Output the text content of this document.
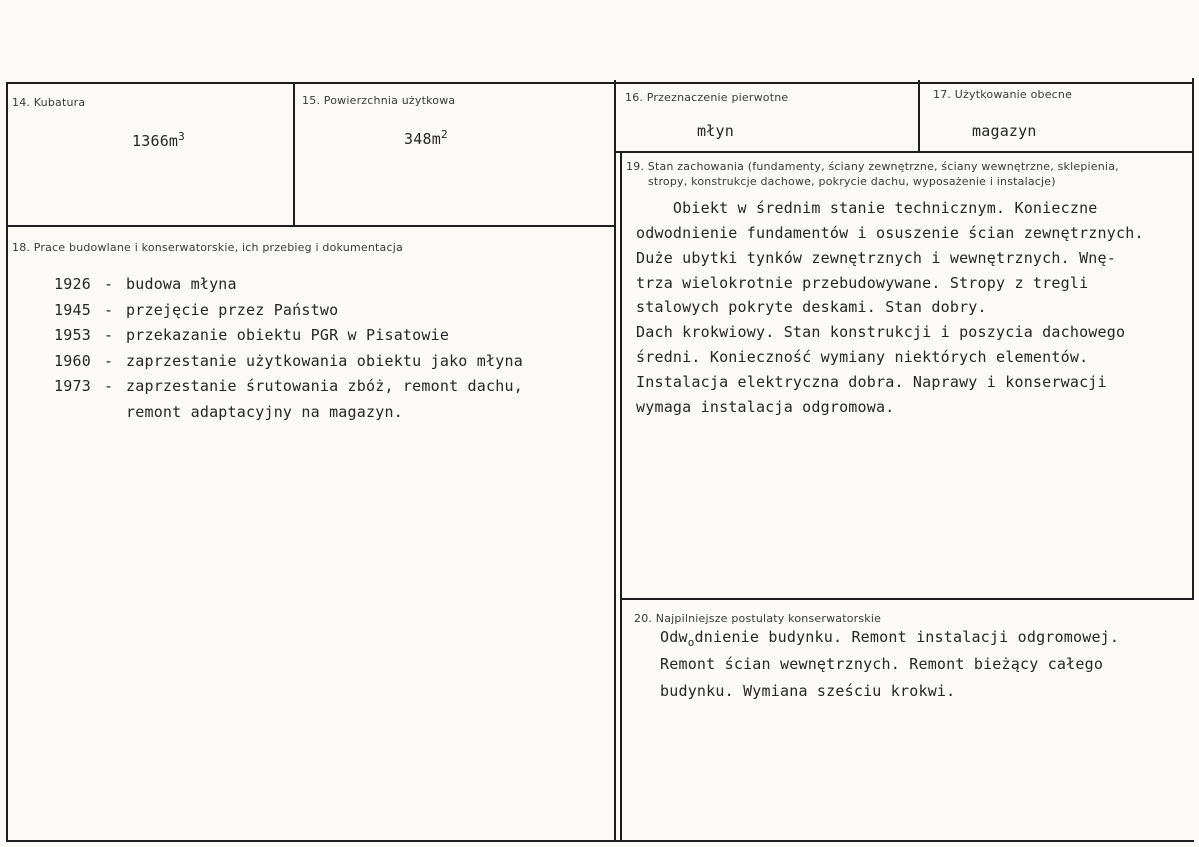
14. Kubatura
$1366m^3$
15. Powierzchnia użytkowa
$348m^2$
16. Przeznaczenie pierwotne
młyn
17. Użytkowanie obecne
magazyn
18. Prace budowlane i konserwatorskie, ich przebieg i dokumentacja
1926 - budowa młyna
1945 - przejęcie przez Państwo
1953 - przekazanie obiektu PGR w Pisatowie
1960 - zaprzestanie użytkowania obiektu jako młyna
1973 - zaprzestanie śrutowania zbóż, remont dachu,
remont adaptacyjny na magazyn.
19. Stan zachowania (fundamenty, ściany zewnętrzne, ściany wewnętrzne, sklepienia,
stropy, konstrukcje dachowe, pokrycie dachu, wyposażenie i instalacje)
Obiekt w średnim stanie technicznym. Konieczne
odwodnienie fundamentów i osuszenie ścian zewnętrznych.
Duże ubytki tynków zewnętrznych i wewnętrznych. Wnę-
trza wielokrotnie przebudowywane. Stropy z tregli
stalowych pokryte deskami. Stan dobry.
Dach krokwiowy. Stan konstrukcji i poszycia dachowego
średni. Konieczność wymiany niektórych elementów.
Instalacja elektryczna dobra. Naprawy i konserwacji
wymaga instalacja odgromowa.
20. Najpilniejsze postulaty konserwatorskie
Odw$_o$dnienie budynku. Remont instalacji odgromowej.
Remont ścian wewnętrznych. Remont bieżący całego
budynku. Wymiana sześciu krokwi.
